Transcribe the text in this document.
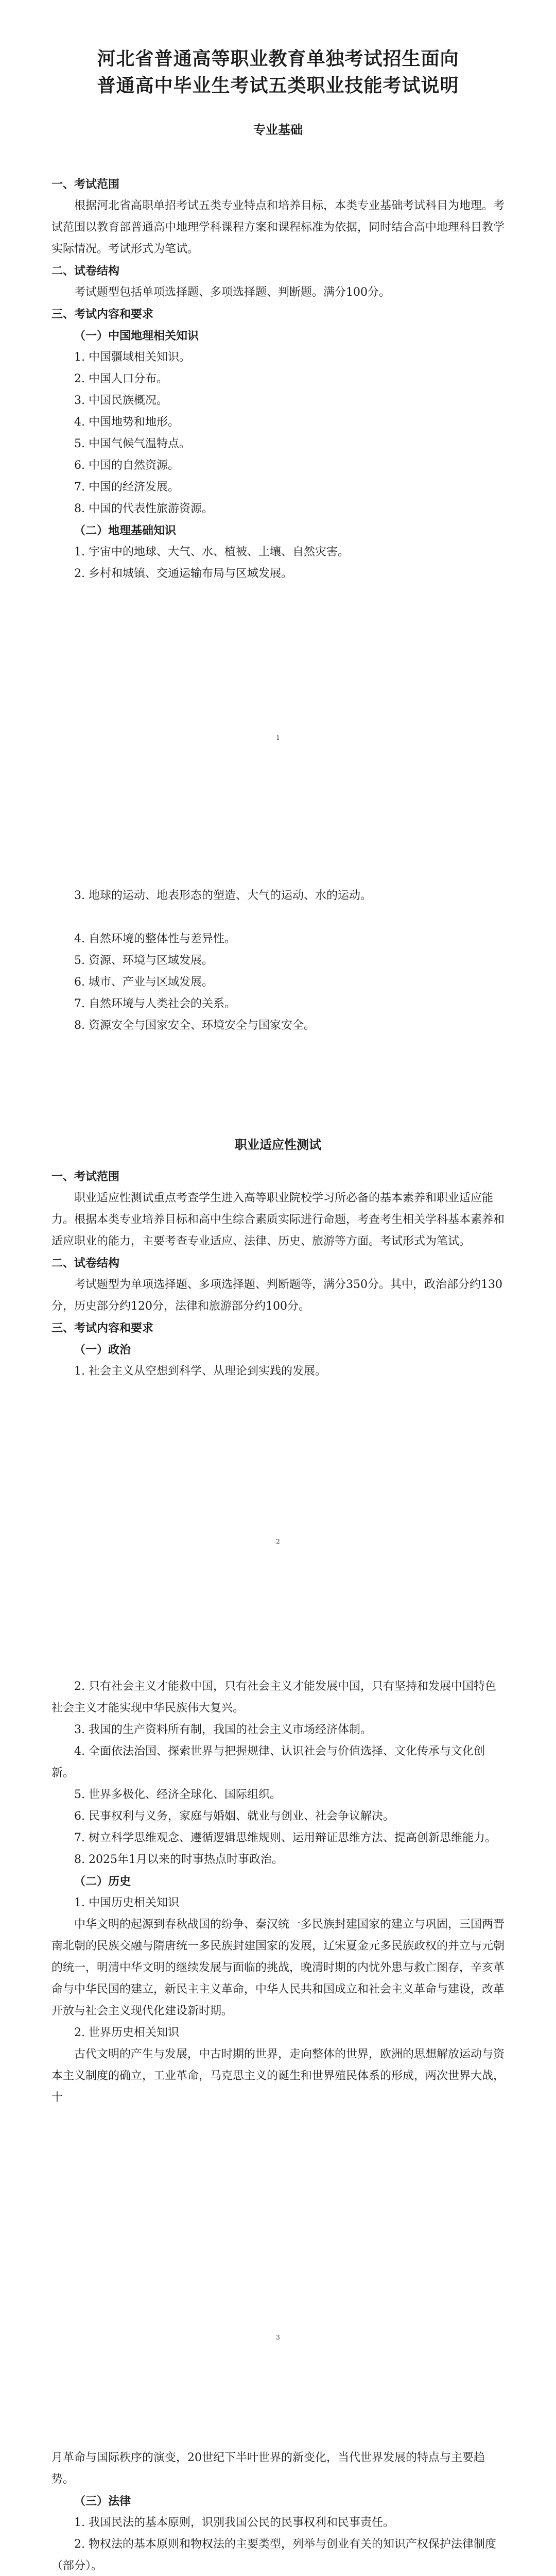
河北省普通高等职业教育单独考试招生面向
普通高中毕业生考试五类职业技能考试说明
专业基础

一、考试范围

根据河北省高职单招考试五类专业特点和培养目标，本类专业基础考试科目为地理。考试范围以教育部普通高中地理学科课程方案和课程标准为依据，同时结合高中地理科目教学实际情况。考试形式为笔试。

二、试卷结构

考试题型包括单项选择题、多项选择题、判断题。满分100分。

三、考试内容和要求

（一）中国地理相关知识

1. 中国疆域相关知识。

2. 中国人口分布。

3. 中国民族概况。

4. 中国地势和地形。

5. 中国气候气温特点。

6. 中国的自然资源。

7. 中国的经济发展。

8. 中国的代表性旅游资源。

（二）地理基础知识

1. 宇宙中的地球、大气、水、植被、土壤、自然灾害。

2. 乡村和城镇、交通运输布局与区域发展。

1

3. 地球的运动、地表形态的塑造、大气的运动、水的运动。

4. 自然环境的整体性与差异性。

5. 资源、环境与区域发展。

6. 城市、产业与区域发展。

7. 自然环境与人类社会的关系。

8. 资源安全与国家安全、环境安全与国家安全。

职业适应性测试

一、考试范围

职业适应性测试重点考查学生进入高等职业院校学习所必备的基本素养和职业适应能力。根据本类专业培养目标和高中生综合素质实际进行命题，考查考生相关学科基本素养和适应职业的能力，主要考查专业适应、法律、历史、旅游等方面。考试形式为笔试。

二、试卷结构

考试题型为单项选择题、多项选择题、判断题等，满分350分。其中，政治部分约130分，历史部分约120分，法律和旅游部分约100分。

三、考试内容和要求

（一）政治

1. 社会主义从空想到科学、从理论到实践的发展。

2

2. 只有社会主义才能救中国，只有社会主义才能发展中国，只有坚持和发展中国特色社会主义才能实现中华民族伟大复兴。

3. 我国的生产资料所有制，我国的社会主义市场经济体制。

4. 全面依法治国、探索世界与把握规律、认识社会与价值选择、文化传承与文化创新。

5. 世界多极化、经济全球化、国际组织。

6. 民事权利与义务，家庭与婚姻、就业与创业、社会争议解决。

7. 树立科学思维观念、遵循逻辑思维规则、运用辩证思维方法、提高创新思维能力。

8. 2025年1月以来的时事热点时事政治。

（二）历史

1. 中国历史相关知识

中华文明的起源到春秋战国的纷争、秦汉统一多民族封建国家的建立与巩固，三国两晋南北朝的民族交融与隋唐统一多民族封建国家的发展，辽宋夏金元多民族政权的并立与元朝的统一，明清中华文明的继续发展与面临的挑战，晚清时期的内忧外患与救亡图存，辛亥革命与中华民国的建立，新民主主义革命，中华人民共和国成立和社会主义革命与建设，改革开放与社会主义现代化建设新时期。

2. 世界历史相关知识

古代文明的产生与发展，中古时期的世界，走向整体的世界，欧洲的思想解放运动与资本主义制度的确立，工业革命，马克思主义的诞生和世界殖民体系的形成，两次世界大战，十

3

月革命与国际秩序的演变，20世纪下半叶世界的新变化，当代世界发展的特点与主要趋势。

（三）法律

1. 我国民法的基本原则，识别我国公民的民事权利和民事责任。

2. 物权法的基本原则和物权法的主要类型，列举与创业有关的知识产权保护法律制度（部分）。
